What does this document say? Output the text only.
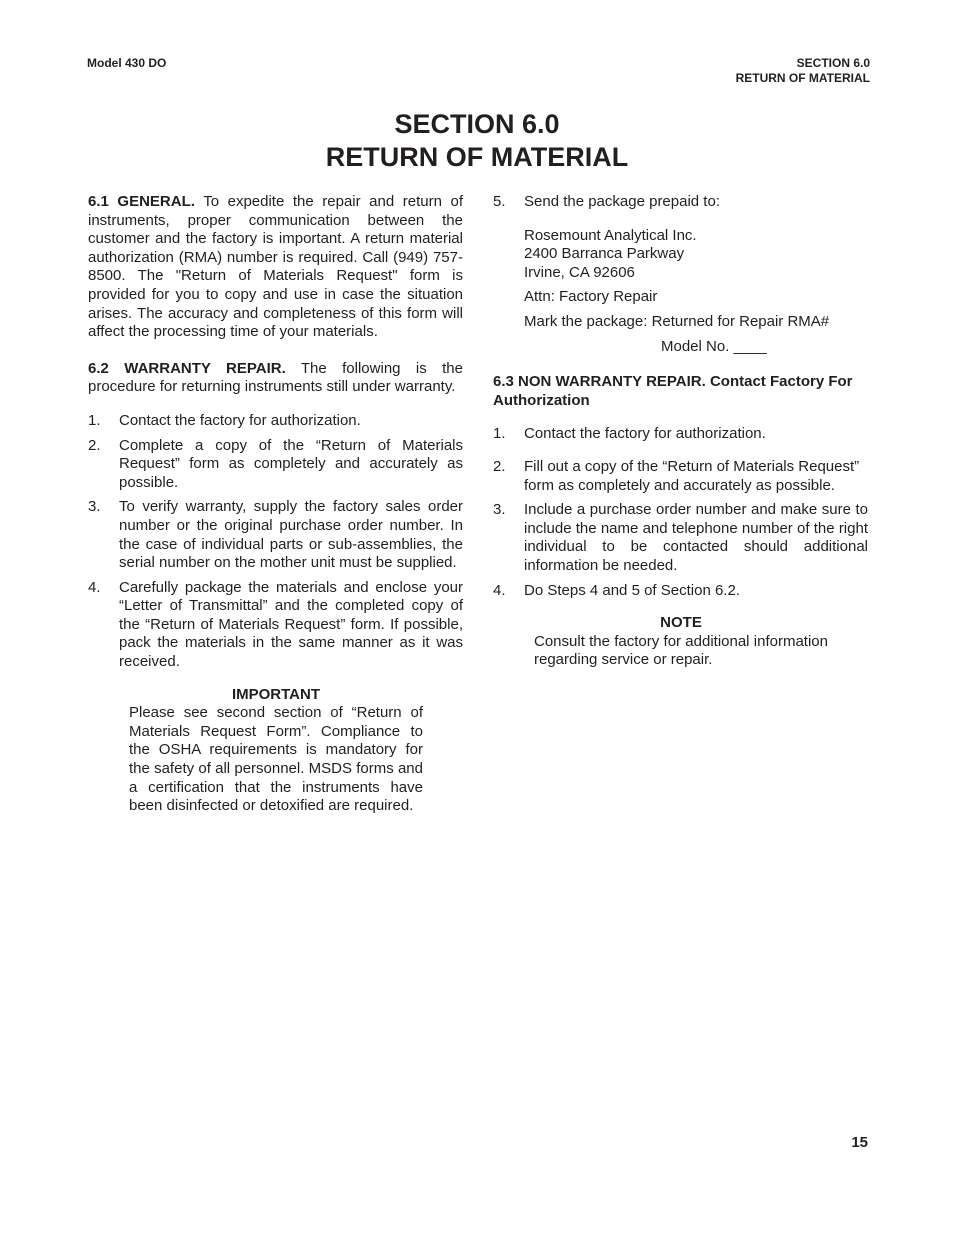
Model 430 DO	SECTION 6.0
RETURN OF MATERIAL
SECTION 6.0
RETURN OF MATERIAL

6.1 GENERAL. To expedite the repair and return of instruments, proper communication between the customer and the factory is important. A return material authorization (RMA) number is required. Call (949) 757-8500. The "Return of Materials Request" form is provided for you to copy and use in case the situation arises. The accuracy and completeness of this form will affect the processing time of your materials.

6.2 WARRANTY REPAIR. The following is the procedure for returning instruments still under warranty.

1.	Contact the factory for authorization.
2.	Complete a copy of the “Return of Materials Request” form as completely and accurately as possible.
3.	To verify warranty, supply the factory sales order number or the original purchase order number. In the case of individual parts or sub-assemblies, the serial number on the mother unit must be supplied.
4.	Carefully package the materials and enclose your “Letter of Transmittal” and the completed copy of the “Return of Materials Request” form. If possible, pack the materials in the same manner as it was received.
IMPORTANT
Please see second section of “Return of Materials Request Form”. Compliance to the OSHA requirements is mandatory for the safety of all personnel. MSDS forms and a certification that the instruments have been disinfected or detoxified are required.
5.	Send the package prepaid to:
Rosemount Analytical Inc.
2400 Barranca Parkway
Irvine, CA 92606
Attn: Factory Repair
Mark the package: Returned for Repair RMA#
Model No. ____

6.3 NON WARRANTY REPAIR. Contact Factory For Authorization

1.	Contact the factory for authorization.
2.	Fill out a copy of the “Return of Materials Request” form as completely and accurately as possible.
3.	Include a purchase order number and make sure to include the name and telephone number of the right individual to be contacted should additional information be needed.
4.	Do Steps 4 and 5 of Section 6.2.
NOTE
Consult the factory for additional information regarding service or repair.
15
